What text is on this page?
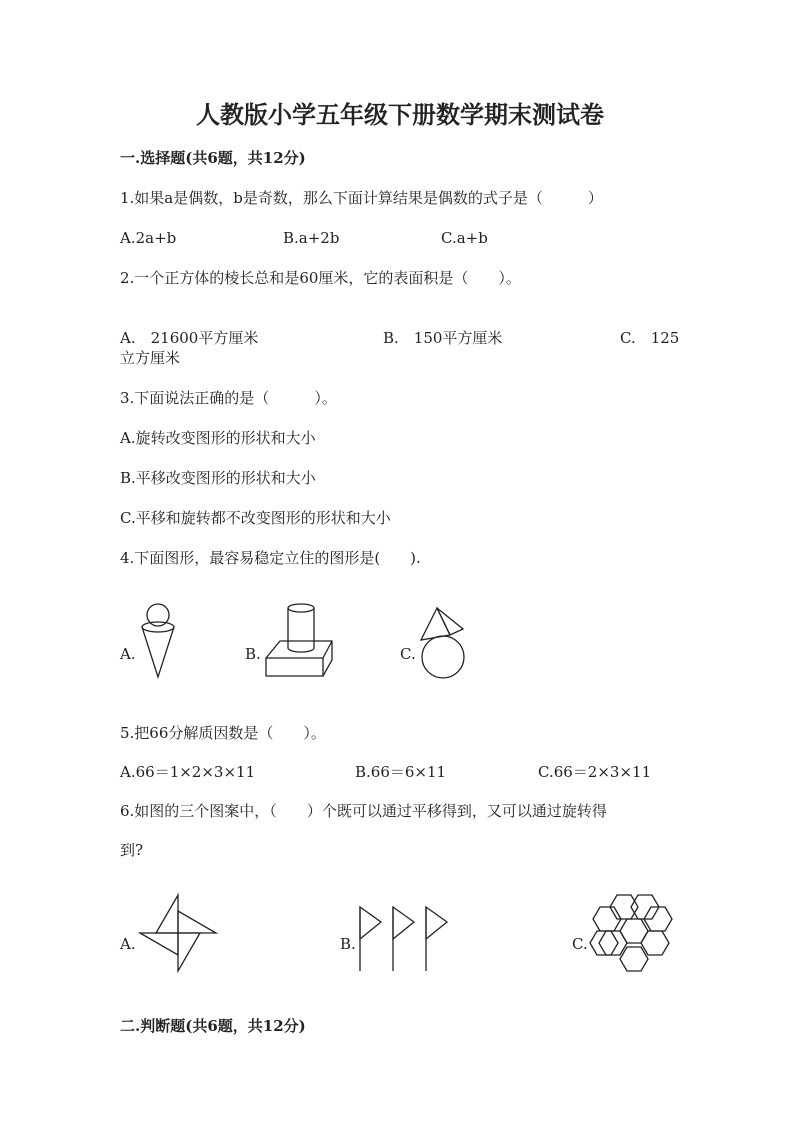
人教版小学五年级下册数学期末测试卷
一.选择题(共6题，共12分)
1.如果a是偶数，b是奇数，那么下面计算结果是偶数的式子是（　　　）
A.2a+b	B.a+2b	C.a+b
2.一个正方体的棱长总和是60厘米，它的表面积是（　　）。
A.　21600平方厘米	B.　150平方厘米	C.　125
立方厘米
3.下面说法正确的是（　　　）。
A.旋转改变图形的形状和大小
B.平移改变图形的形状和大小
C.平移和旋转都不改变图形的形状和大小
4.下面图形，最容易稳定立住的图形是(　　).
A.	B.	C.
5.把66分解质因数是（　　）。
A.66＝1×2×3×11	B.66＝6×11	C.66＝2×3×11
6.如图的三个图案中，（　　）个既可以通过平移得到，又可以通过旋转得
到?
A.	B.	C.
二.判断题(共6题，共12分)
